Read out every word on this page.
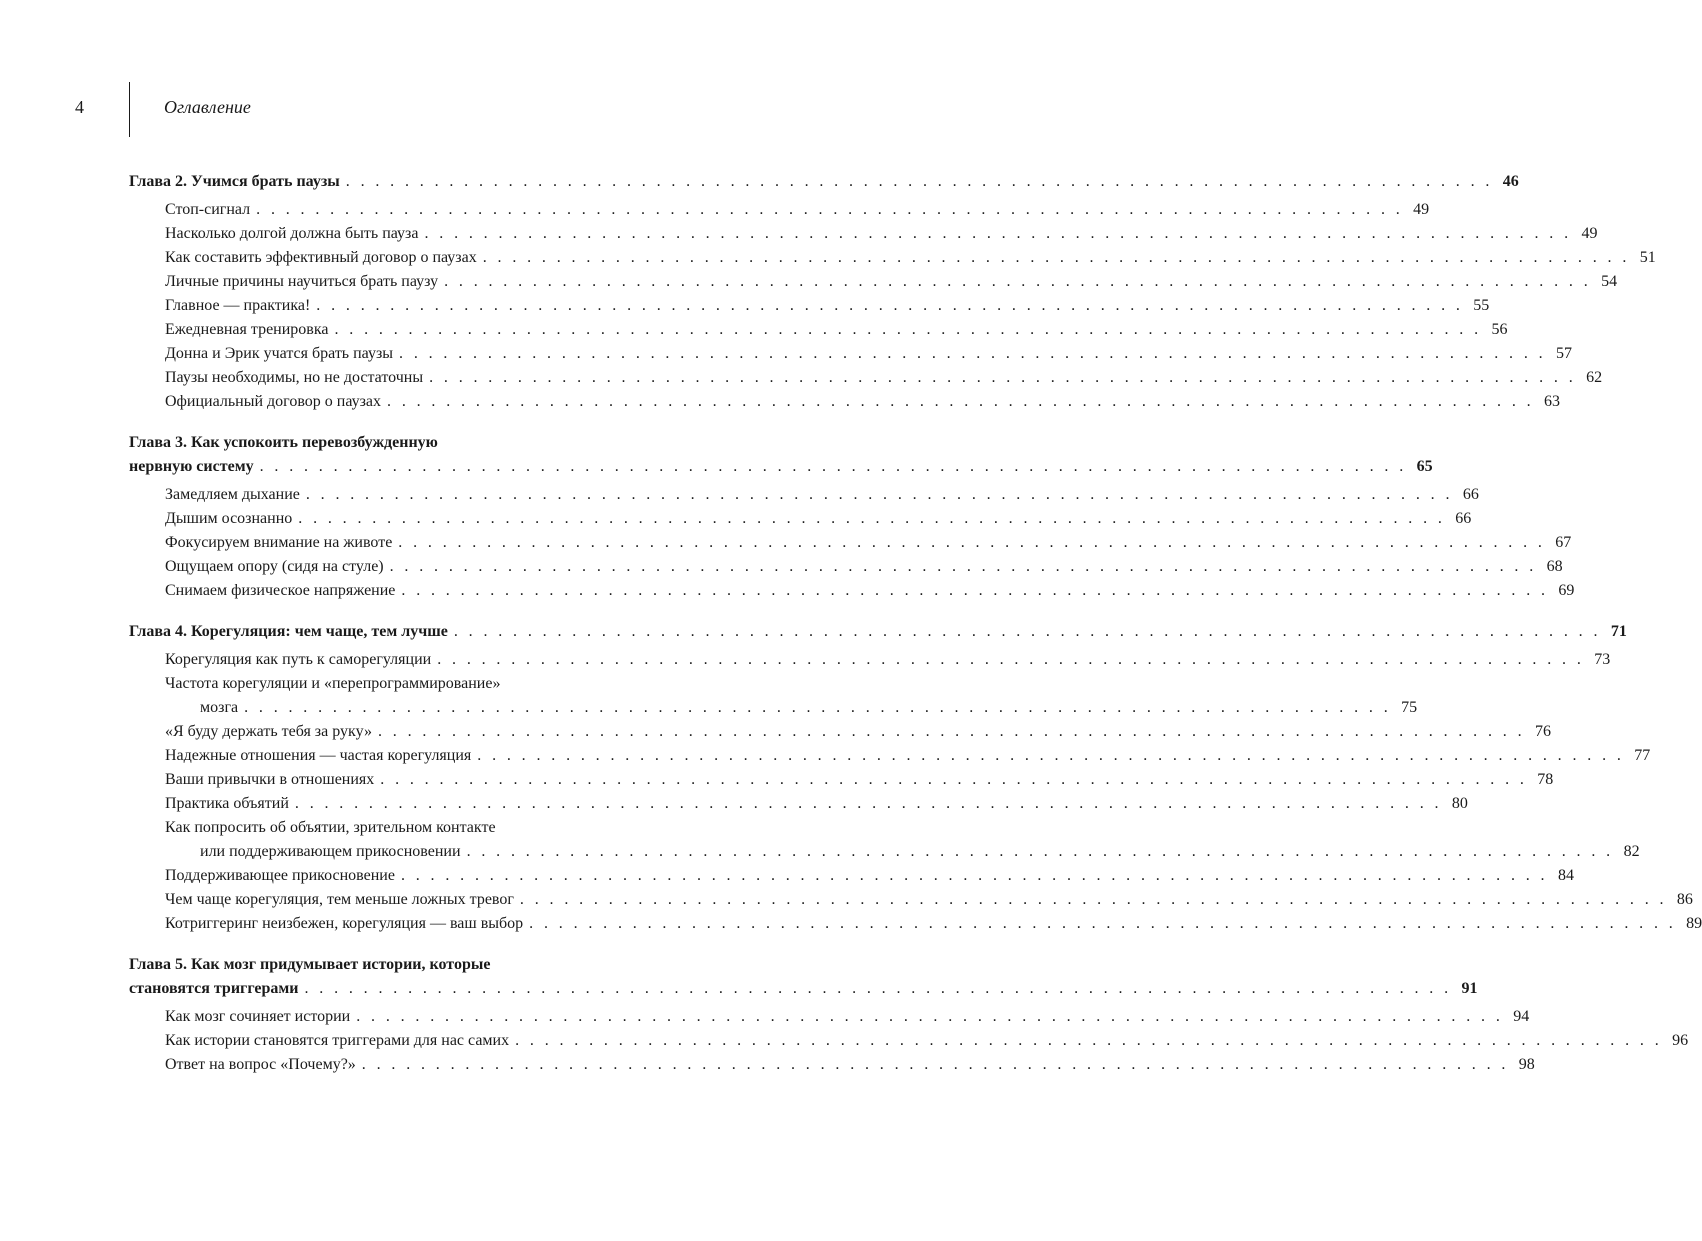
4	Оглавление
Глава 2. Учимся брать паузы . . . . . . . . . . . . . . . . . . . . . . . . . . . . . . . . . . . . . . . . . . . . . . . . . . . . . . . . . . . . . . . . . . . . . . . . . . . . . . 46
Стоп-сигнал . . . . . . . . . . . . . . . . . . . . . . . . . . . . . . . . . . . . . . . . . . . . . . . . . . . . . . . . . . . . . . . . . . . . . . . . . . . . . . 49
Насколько долгой должна быть пауза . . . . . . . . . . . . . . . . . . . . . . . . . . . . . . . . . . . . . . . . . . . . . . . . . . . . . . . . . . . . . . . . . . . . . . . . . . . . . . 49
Как составить эффективный договор о паузах . . . . . . . . . . . . . . . . . . . . . . . . . . . . . . . . . . . . . . . . . . . . . . . . . . . . . . . . . . . . . . . . . . . . . . . . . . . . . . 51
Личные причины научиться брать паузу . . . . . . . . . . . . . . . . . . . . . . . . . . . . . . . . . . . . . . . . . . . . . . . . . . . . . . . . . . . . . . . . . . . . . . . . . . . . . . 54
Главное — практика! . . . . . . . . . . . . . . . . . . . . . . . . . . . . . . . . . . . . . . . . . . . . . . . . . . . . . . . . . . . . . . . . . . . . . . . . . . . . . . 55
Ежедневная тренировка . . . . . . . . . . . . . . . . . . . . . . . . . . . . . . . . . . . . . . . . . . . . . . . . . . . . . . . . . . . . . . . . . . . . . . . . . . . . . . 56
Донна и Эрик учатся брать паузы . . . . . . . . . . . . . . . . . . . . . . . . . . . . . . . . . . . . . . . . . . . . . . . . . . . . . . . . . . . . . . . . . . . . . . . . . . . . . . 57
Паузы необходимы, но не достаточны . . . . . . . . . . . . . . . . . . . . . . . . . . . . . . . . . . . . . . . . . . . . . . . . . . . . . . . . . . . . . . . . . . . . . . . . . . . . . . 62
Официальный договор о паузах . . . . . . . . . . . . . . . . . . . . . . . . . . . . . . . . . . . . . . . . . . . . . . . . . . . . . . . . . . . . . . . . . . . . . . . . . . . . . . 63
Глава 3. Как успокоить перевозбужденную
нервную систему . . . . . . . . . . . . . . . . . . . . . . . . . . . . . . . . . . . . . . . . . . . . . . . . . . . . . . . . . . . . . . . . . . . . . . . . . . . . . . 65
Замедляем дыхание . . . . . . . . . . . . . . . . . . . . . . . . . . . . . . . . . . . . . . . . . . . . . . . . . . . . . . . . . . . . . . . . . . . . . . . . . . . . . . 66
Дышим осознанно . . . . . . . . . . . . . . . . . . . . . . . . . . . . . . . . . . . . . . . . . . . . . . . . . . . . . . . . . . . . . . . . . . . . . . . . . . . . . . 66
Фокусируем внимание на животе . . . . . . . . . . . . . . . . . . . . . . . . . . . . . . . . . . . . . . . . . . . . . . . . . . . . . . . . . . . . . . . . . . . . . . . . . . . . . . 67
Ощущаем опору (сидя на стуле) . . . . . . . . . . . . . . . . . . . . . . . . . . . . . . . . . . . . . . . . . . . . . . . . . . . . . . . . . . . . . . . . . . . . . . . . . . . . . . 68
Снимаем физическое напряжение . . . . . . . . . . . . . . . . . . . . . . . . . . . . . . . . . . . . . . . . . . . . . . . . . . . . . . . . . . . . . . . . . . . . . . . . . . . . . . 69
Глава 4. Корегуляция: чем чаще, тем лучше . . . . . . . . . . . . . . . . . . . . . . . . . . . . . . . . . . . . . . . . . . . . . . . . . . . . . . . . . . . . . . . . . . . . . . . . . . . . . . 71
Корегуляция как путь к саморегуляции . . . . . . . . . . . . . . . . . . . . . . . . . . . . . . . . . . . . . . . . . . . . . . . . . . . . . . . . . . . . . . . . . . . . . . . . . . . . . . 73
Частота корегуляции и «перепрограммирование»
мозга . . . . . . . . . . . . . . . . . . . . . . . . . . . . . . . . . . . . . . . . . . . . . . . . . . . . . . . . . . . . . . . . . . . . . . . . . . . . . . 75
«Я буду держать тебя за руку» . . . . . . . . . . . . . . . . . . . . . . . . . . . . . . . . . . . . . . . . . . . . . . . . . . . . . . . . . . . . . . . . . . . . . . . . . . . . . . 76
Надежные отношения — частая корегуляция . . . . . . . . . . . . . . . . . . . . . . . . . . . . . . . . . . . . . . . . . . . . . . . . . . . . . . . . . . . . . . . . . . . . . . . . . . . . . . 77
Ваши привычки в отношениях . . . . . . . . . . . . . . . . . . . . . . . . . . . . . . . . . . . . . . . . . . . . . . . . . . . . . . . . . . . . . . . . . . . . . . . . . . . . . . 78
Практика объятий . . . . . . . . . . . . . . . . . . . . . . . . . . . . . . . . . . . . . . . . . . . . . . . . . . . . . . . . . . . . . . . . . . . . . . . . . . . . . . 80
Как попросить об объятии, зрительном контакте
или поддерживающем прикосновении . . . . . . . . . . . . . . . . . . . . . . . . . . . . . . . . . . . . . . . . . . . . . . . . . . . . . . . . . . . . . . . . . . . . . . . . . . . . . . 82
Поддерживающее прикосновение . . . . . . . . . . . . . . . . . . . . . . . . . . . . . . . . . . . . . . . . . . . . . . . . . . . . . . . . . . . . . . . . . . . . . . . . . . . . . . 84
Чем чаще корегуляция, тем меньше ложных тревог . . . . . . . . . . . . . . . . . . . . . . . . . . . . . . . . . . . . . . . . . . . . . . . . . . . . . . . . . . . . . . . . . . . . . . . . . . . . . . 86
Котриггеринг неизбежен, корегуляция — ваш выбор . . . . . . . . . . . . . . . . . . . . . . . . . . . . . . . . . . . . . . . . . . . . . . . . . . . . . . . . . . . . . . . . . . . . . . . . . . . . . . 89
Глава 5. Как мозг придумывает истории, которые
становятся триггерами . . . . . . . . . . . . . . . . . . . . . . . . . . . . . . . . . . . . . . . . . . . . . . . . . . . . . . . . . . . . . . . . . . . . . . . . . . . . . . 91
Как мозг сочиняет истории . . . . . . . . . . . . . . . . . . . . . . . . . . . . . . . . . . . . . . . . . . . . . . . . . . . . . . . . . . . . . . . . . . . . . . . . . . . . . . 94
Как истории становятся триггерами для нас самих . . . . . . . . . . . . . . . . . . . . . . . . . . . . . . . . . . . . . . . . . . . . . . . . . . . . . . . . . . . . . . . . . . . . . . . . . . . . . . 96
Ответ на вопрос «Почему?» . . . . . . . . . . . . . . . . . . . . . . . . . . . . . . . . . . . . . . . . . . . . . . . . . . . . . . . . . . . . . . . . . . . . . . . . . . . . . . 98
